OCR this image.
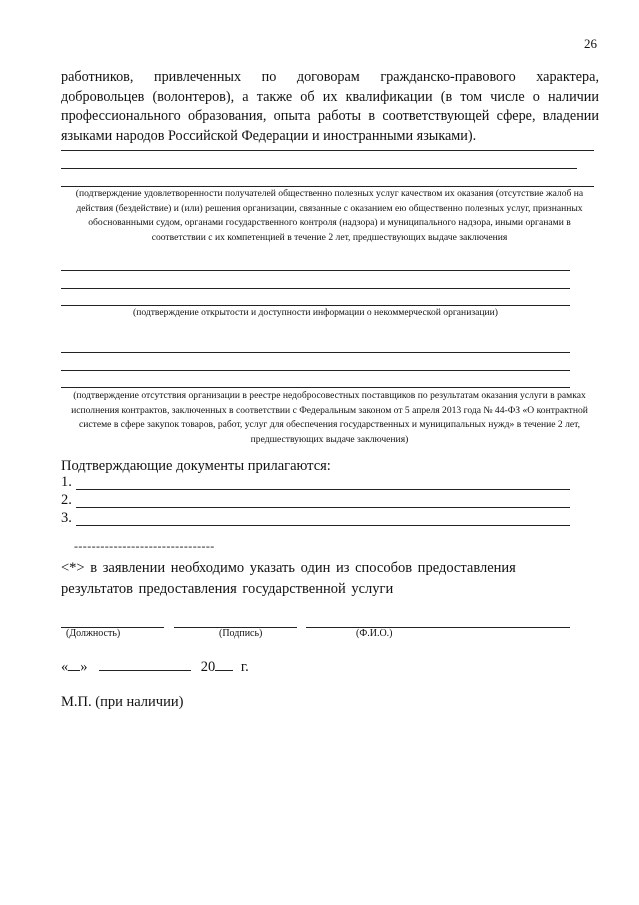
26
работников, привлеченных по договорам гражданско-правового характера, добровольцев (волонтеров), а также об их квалификации (в том числе о наличии профессионального образования, опыта работы в соответствующей сфере, владении языками народов Российской Федерации и иностранными языками).
(подтверждение удовлетворенности получателей общественно полезных услуг качеством их оказания (отсутствие жалоб на действия (бездействие) и (или) решения организации, связанные с оказанием ею общественно полезных услуг, признанных обоснованными судом, органами государственного контроля (надзора) и муниципального надзора, иными органами в соответствии с их компетенцией в течение 2 лет, предшествующих выдаче заключения
(подтверждение открытости и доступности информации о некоммерческой организации)
(подтверждение отсутствия организации в реестре недобросовестных поставщиков по результатам оказания услуги в рамках исполнения контрактов, заключенных в соответствии с Федеральным законом от 5 апреля 2013 года № 44-ФЗ «О контрактной системе в сфере закупок товаров, работ, услуг для обеспечения государственных и муниципальных нужд» в течение 2 лет, предшествующих выдаче заключения)
Подтверждающие документы прилагаются:
1.
2.
3.
--------------------------------
<*> в заявлении необходимо указать один из способов предоставления результатов предоставления государственной услуги
(Должность)	(Подпись)	(Ф.И.О.)
« »	20 г.
М.П. (при наличии)
